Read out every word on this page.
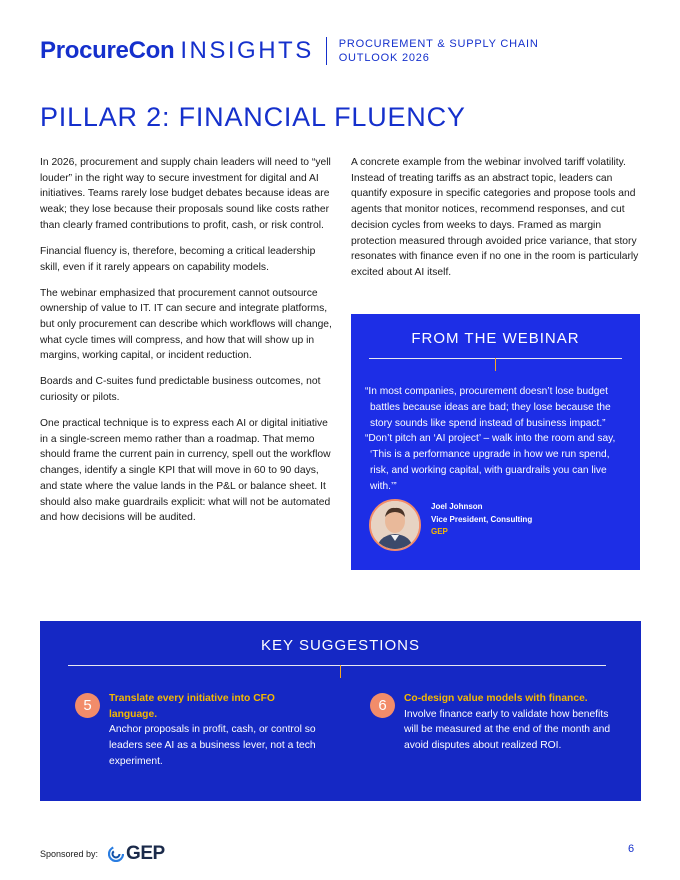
ProcureCon INSIGHTS PROCUREMENT & SUPPLY CHAIN
OUTLOOK 2026
PILLAR 2: FINANCIAL FLUENCY

In 2026, procurement and supply chain leaders will need to “yell louder” in the right way to secure investment for digital and AI initiatives. Teams rarely lose budget debates because ideas are weak; they lose because their proposals sound like costs rather than clearly framed contributions to profit, cash, or risk control.

Financial fluency is, therefore, becoming a critical leadership skill, even if it rarely appears on capability models.

The webinar emphasized that procurement cannot outsource ownership of value to IT. IT can secure and integrate platforms, but only procurement can describe which workflows will change, what cycle times will compress, and how that will show up in margins, working capital, or incident reduction.

Boards and C-suites fund predictable business outcomes, not curiosity or pilots.

One practical technique is to express each AI or digital initiative in a single-screen memo rather than a roadmap. That memo should frame the current pain in currency, spell out the workflow changes, identify a single KPI that will move in 60 to 90 days, and state where the value lands in the P&L or balance sheet. It should also make guardrails explicit: what will not be automated and how decisions will be audited.

A concrete example from the webinar involved tariff volatility. Instead of treating tariffs as an abstract topic, leaders can quantify exposure in specific categories and propose tools and agents that monitor notices, recommend responses, and cut decision cycles from weeks to days. Framed as margin protection measured through avoided price variance, that story resonates with finance even if no one in the room is particularly excited about AI itself.

FROM THE WEBINAR
“In most companies, procurement doesn’t lose budget battles because ideas are bad; they lose because the story sounds like spend instead of business impact.”
“Don’t pitch an ‘AI project’ – walk into the room and say, ‘This is a performance upgrade in how we run spend, risk, and working capital, with guardrails you can live with.’”
Joel Johnson
Vice President, Consulting
GEP
KEY SUGGESTIONS
5	Translate every initiative into CFO language.
Anchor proposals in profit, cash, or control so leaders see AI as a business lever, not a tech experiment.
6	Co-design value models with finance.
Involve finance early to validate how benefits will be measured at the end of the month and avoid disputes about realized ROI.
Sponsored by: GEP	6
